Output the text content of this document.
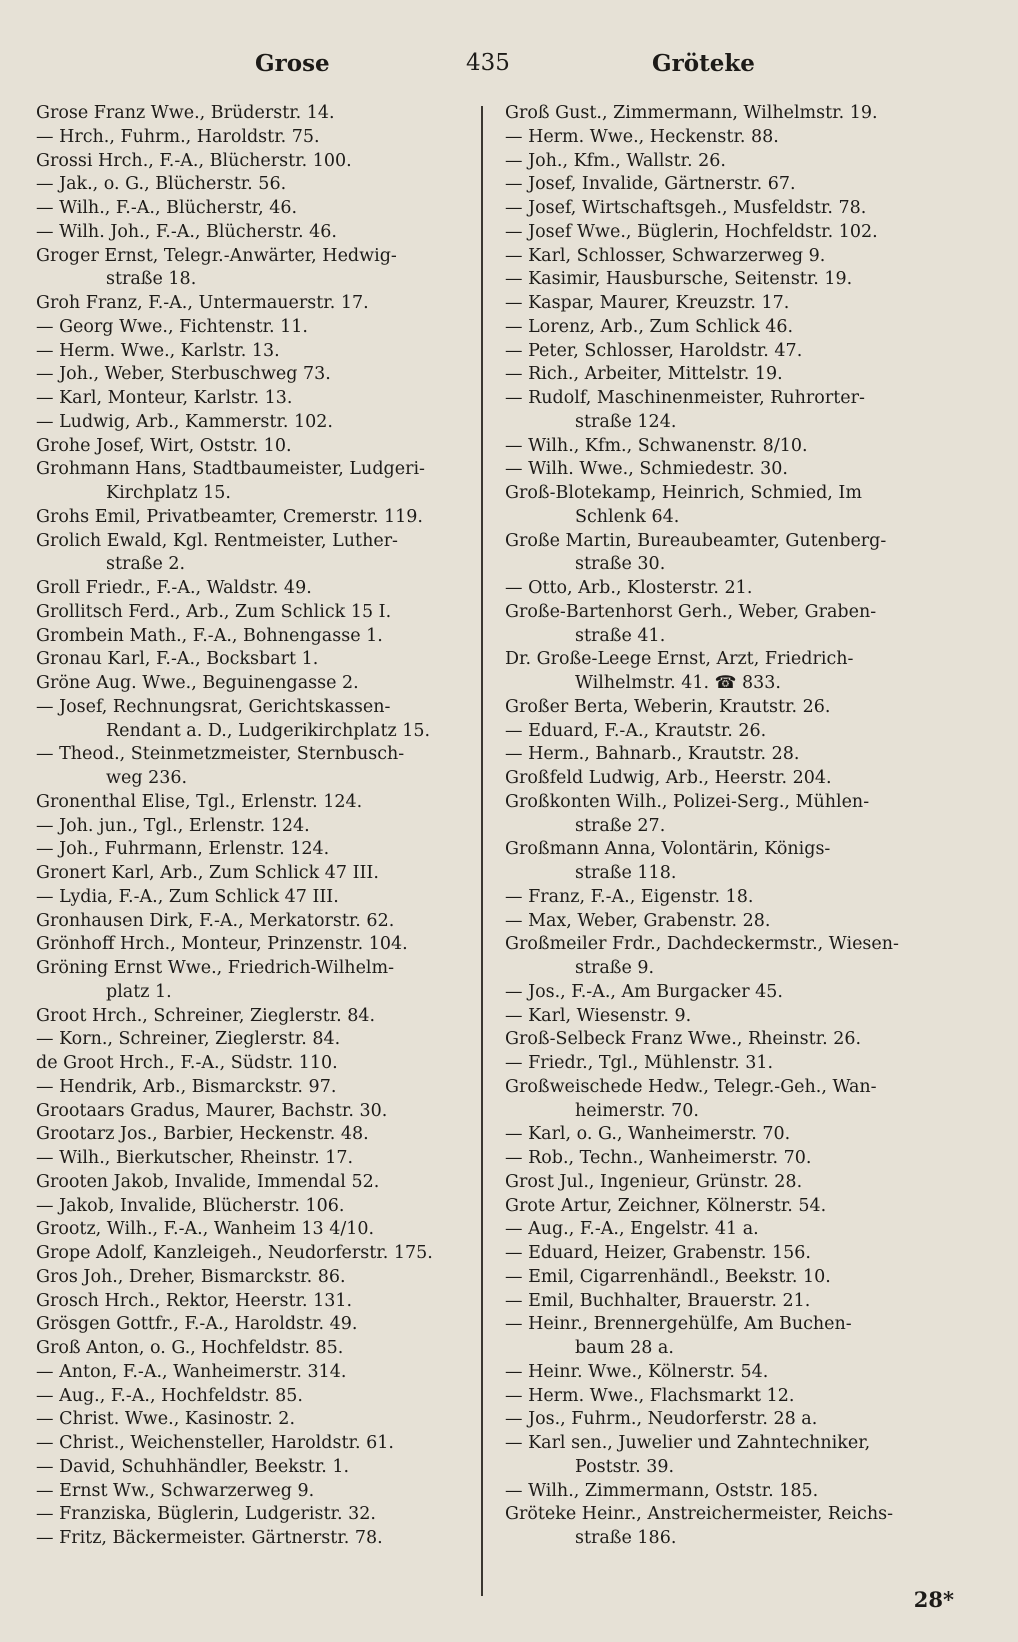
Grose	435	Gröteke
Grose Franz Wwe., Brüderstr. 14.
— Hrch., Fuhrm., Haroldstr. 75.
Grossi Hrch., F.-A., Blücherstr. 100.
— Jak., o. G., Blücherstr. 56.
— Wilh., F.-A., Blücherstr, 46.
— Wilh. Joh., F.-A., Blücherstr. 46.
Groger Ernst, Telegr.-Anwärter, Hedwig-
straße 18.
Groh Franz, F.-A., Untermauerstr. 17.
— Georg Wwe., Fichtenstr. 11.
— Herm. Wwe., Karlstr. 13.
— Joh., Weber, Sterbuschweg 73.
— Karl, Monteur, Karlstr. 13.
— Ludwig, Arb., Kammerstr. 102.
Grohe Josef, Wirt, Oststr. 10.
Grohmann Hans, Stadtbaumeister, Ludgeri-
Kirchplatz 15.
Grohs Emil, Privatbeamter, Cremerstr. 119.
Grolich Ewald, Kgl. Rentmeister, Luther-
straße 2.
Groll Friedr., F.-A., Waldstr. 49.
Grollitsch Ferd., Arb., Zum Schlick 15 I.
Grombein Math., F.-A., Bohnengasse 1.
Gronau Karl, F.-A., Bocksbart 1.
Gröne Aug. Wwe., Beguinengasse 2.
— Josef, Rechnungsrat, Gerichtskassen-
Rendant a. D., Ludgerikirchplatz 15.
— Theod., Steinmetzmeister, Sternbusch-
weg 236.
Gronenthal Elise, Tgl., Erlenstr. 124.
— Joh. jun., Tgl., Erlenstr. 124.
— Joh., Fuhrmann, Erlenstr. 124.
Gronert Karl, Arb., Zum Schlick 47 III.
— Lydia, F.-A., Zum Schlick 47 III.
Gronhausen Dirk, F.-A., Merkatorstr. 62.
Grönhoff Hrch., Monteur, Prinzenstr. 104.
Gröning Ernst Wwe., Friedrich-Wilhelm-
platz 1.
Groot Hrch., Schreiner, Zieglerstr. 84.
— Korn., Schreiner, Zieglerstr. 84.
de Groot Hrch., F.-A., Südstr. 110.
— Hendrik, Arb., Bismarckstr. 97.
Grootaars Gradus, Maurer, Bachstr. 30.
Grootarz Jos., Barbier, Heckenstr. 48.
— Wilh., Bierkutscher, Rheinstr. 17.
Grooten Jakob, Invalide, Immendal 52.
— Jakob, Invalide, Blücherstr. 106.
Grootz, Wilh., F.-A., Wanheim 13 4/10.
Grope Adolf, Kanzleigeh., Neudorferstr. 175.
Gros Joh., Dreher, Bismarckstr. 86.
Grosch Hrch., Rektor, Heerstr. 131.
Grösgen Gottfr., F.-A., Haroldstr. 49.
Groß Anton, o. G., Hochfeldstr. 85.
— Anton, F.-A., Wanheimerstr. 314.
— Aug., F.-A., Hochfeldstr. 85.
— Christ. Wwe., Kasinostr. 2.
— Christ., Weichensteller, Haroldstr. 61.
— David, Schuhhändler, Beekstr. 1.
— Ernst Ww., Schwarzerweg 9.
— Franziska, Büglerin, Ludgeristr. 32.
— Fritz, Bäckermeister. Gärtnerstr. 78.
Groß Gust., Zimmermann, Wilhelmstr. 19.
— Herm. Wwe., Heckenstr. 88.
— Joh., Kfm., Wallstr. 26.
— Josef, Invalide, Gärtnerstr. 67.
— Josef, Wirtschaftsgeh., Musfeldstr. 78.
— Josef Wwe., Büglerin, Hochfeldstr. 102.
— Karl, Schlosser, Schwarzerweg 9.
— Kasimir, Hausbursche, Seitenstr. 19.
— Kaspar, Maurer, Kreuzstr. 17.
— Lorenz, Arb., Zum Schlick 46.
— Peter, Schlosser, Haroldstr. 47.
— Rich., Arbeiter, Mittelstr. 19.
— Rudolf, Maschinenmeister, Ruhrorter-
straße 124.
— Wilh., Kfm., Schwanenstr. 8/10.
— Wilh. Wwe., Schmiedestr. 30.
Groß-Blotekamp, Heinrich, Schmied, Im
Schlenk 64.
Große Martin, Bureaubeamter, Gutenberg-
straße 30.
— Otto, Arb., Klosterstr. 21.
Große-Bartenhorst Gerh., Weber, Graben-
straße 41.
Dr. Große-Leege Ernst, Arzt, Friedrich-
Wilhelmstr. 41. ☎ 833.
Großer Berta, Weberin, Krautstr. 26.
— Eduard, F.-A., Krautstr. 26.
— Herm., Bahnarb., Krautstr. 28.
Großfeld Ludwig, Arb., Heerstr. 204.
Großkonten Wilh., Polizei-Serg., Mühlen-
straße 27.
Großmann Anna, Volontärin, Königs-
straße 118.
— Franz, F.-A., Eigenstr. 18.
— Max, Weber, Grabenstr. 28.
Großmeiler Frdr., Dachdeckermstr., Wiesen-
straße 9.
— Jos., F.-A., Am Burgacker 45.
— Karl, Wiesenstr. 9.
Groß-Selbeck Franz Wwe., Rheinstr. 26.
— Friedr., Tgl., Mühlenstr. 31.
Großweischede Hedw., Telegr.-Geh., Wan-
heimerstr. 70.
— Karl, o. G., Wanheimerstr. 70.
— Rob., Techn., Wanheimerstr. 70.
Grost Jul., Ingenieur, Grünstr. 28.
Grote Artur, Zeichner, Kölnerstr. 54.
— Aug., F.-A., Engelstr. 41 a.
— Eduard, Heizer, Grabenstr. 156.
— Emil, Cigarrenhändl., Beekstr. 10.
— Emil, Buchhalter, Brauerstr. 21.
— Heinr., Brennergehülfe, Am Buchen-
baum 28 a.
— Heinr. Wwe., Kölnerstr. 54.
— Herm. Wwe., Flachsmarkt 12.
— Jos., Fuhrm., Neudorferstr. 28 a.
— Karl sen., Juwelier und Zahntechniker,
Poststr. 39.
— Wilh., Zimmermann, Oststr. 185.
Gröteke Heinr., Anstreichermeister, Reichs-
straße 186.
28*
